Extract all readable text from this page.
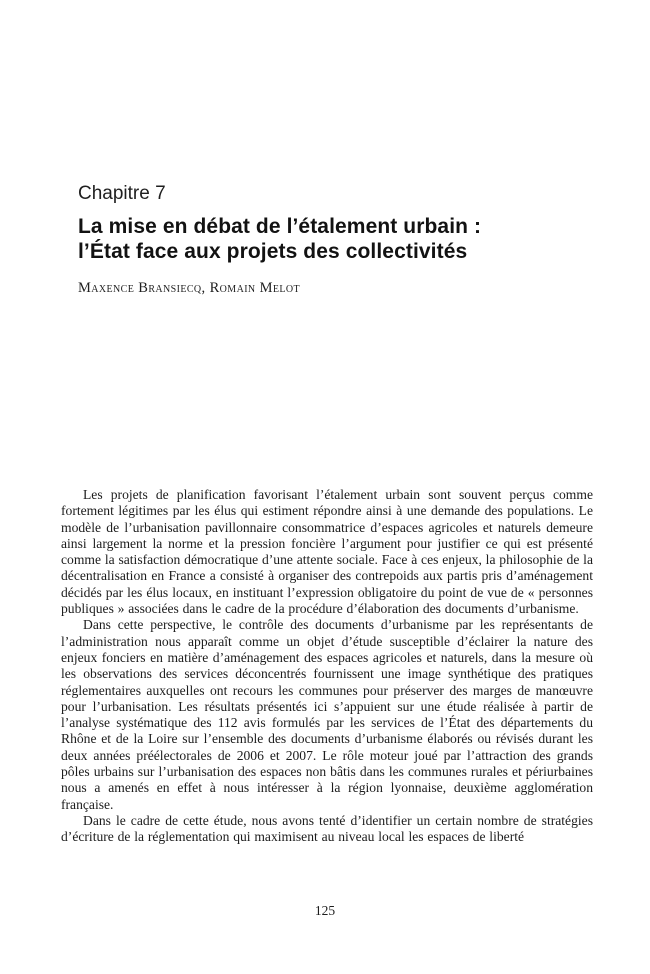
Chapitre 7
La mise en débat de l’étalement urbain :
l’État face aux projets des collectivités
Maxence Bransiecq, Romain Melot

Les projets de planification favorisant l’étalement urbain sont souvent perçus comme fortement légitimes par les élus qui estiment répondre ainsi à une demande des populations. Le modèle de l’urbanisation pavillonnaire consommatrice d’espaces agricoles et naturels demeure ainsi largement la norme et la pression foncière l’argument pour justifier ce qui est présenté comme la satisfaction démocratique d’une attente sociale. Face à ces enjeux, la philosophie de la décentralisation en France a consisté à organiser des contrepoids aux partis pris d’aménagement décidés par les élus locaux, en instituant l’expression obligatoire du point de vue de « personnes publiques » associées dans le cadre de la procédure d’élaboration des documents d’urbanisme.

Dans cette perspective, le contrôle des documents d’urbanisme par les représentants de l’administration nous apparaît comme un objet d’étude susceptible d’éclairer la nature des enjeux fonciers en matière d’aménagement des espaces agricoles et naturels, dans la mesure où les observations des services déconcentrés fournissent une image synthétique des pratiques réglementaires auxquelles ont recours les communes pour préserver des marges de manœuvre pour l’urbanisation. Les résultats présentés ici s’appuient sur une étude réalisée à partir de l’analyse systématique des 112 avis formulés par les services de l’État des départements du Rhône et de la Loire sur l’ensemble des documents d’urbanisme élaborés ou révisés durant les deux années préélectorales de 2006 et 2007. Le rôle moteur joué par l’attraction des grands pôles urbains sur l’urbanisation des espaces non bâtis dans les communes rurales et périurbaines nous a amenés en effet à nous intéresser à la région lyonnaise, deuxième agglomération française.

Dans le cadre de cette étude, nous avons tenté d’identifier un certain nombre de stratégies d’écriture de la réglementation qui maximisent au niveau local les espaces de liberté

125
